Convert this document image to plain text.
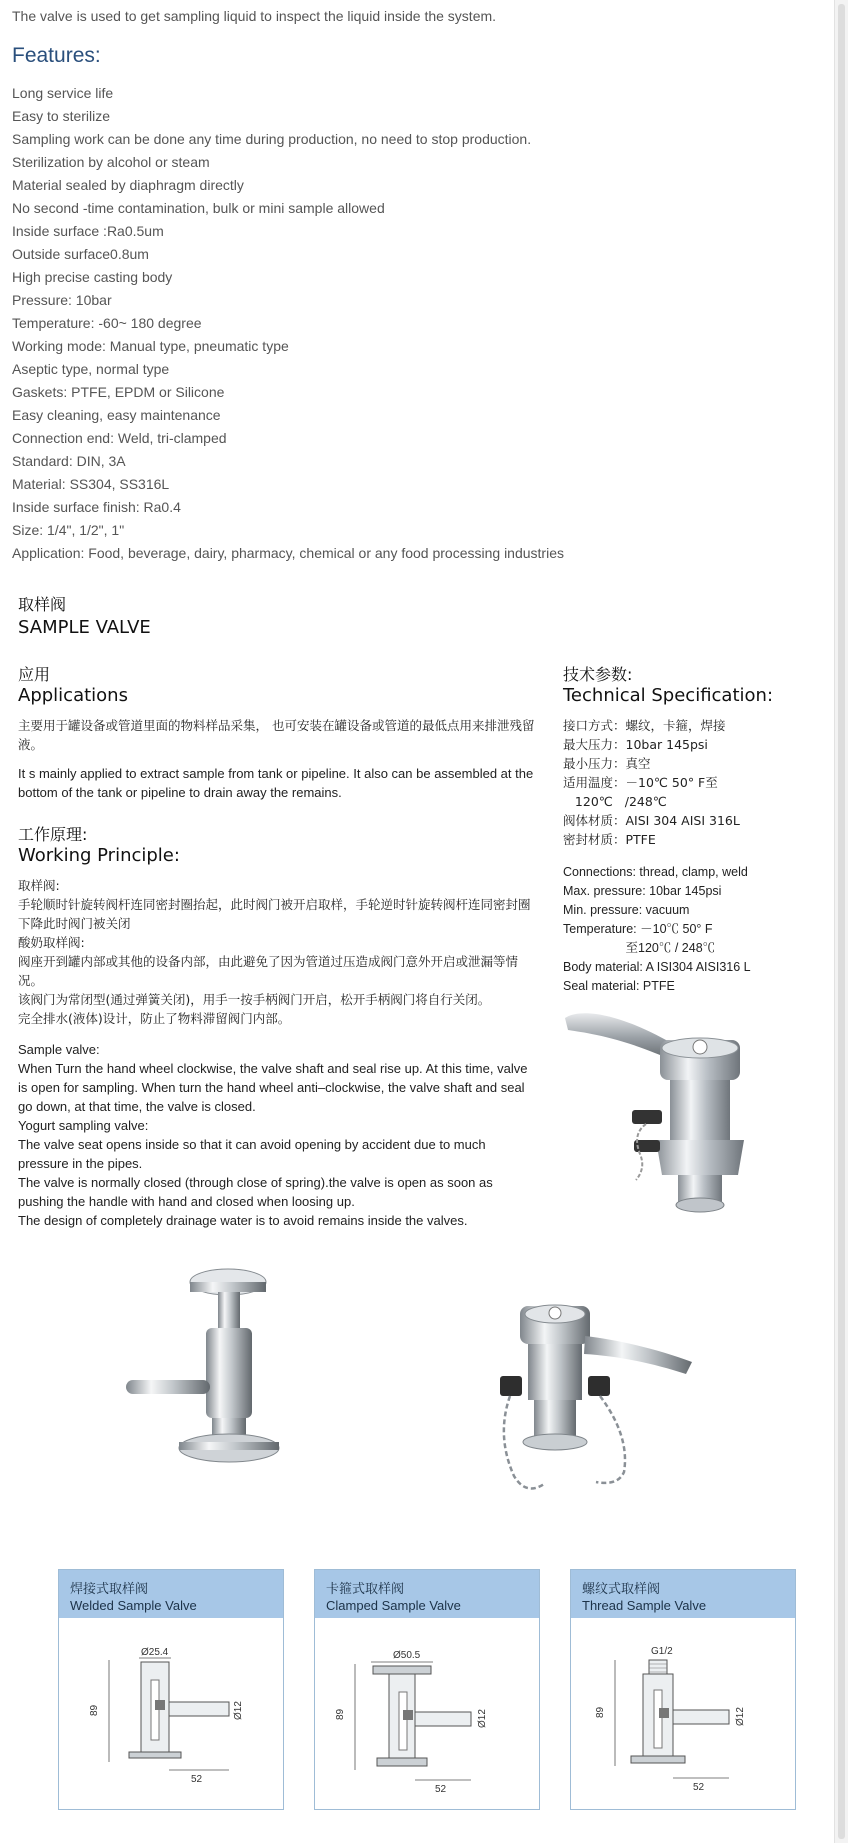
The valve is used to get sampling liquid to inspect the liquid inside the system.

Features:
Long service life
Easy to sterilize
Sampling work can be done any time during production, no need to stop production.
Sterilization by alcohol or steam
Material sealed by diaphragm directly
No second -time contamination, bulk or mini sample allowed
Inside surface :Ra0.5um
Outside surface0.8um
High precise casting body
Pressure: 10bar
Temperature: -60~ 180 degree
Working mode: Manual type, pneumatic type
Aseptic type, normal type
Gaskets: PTFE, EPDM or Silicone
Easy cleaning, easy maintenance
Connection end: Weld, tri-clamped
Standard: DIN, 3A
Material: SS304, SS316L
Inside surface finish: Ra0.4
Size: 1/4", 1/2", 1"
Application: Food, beverage, dairy, pharmacy, chemical or any food processing industries
取样阀
SAMPLE VALVE
应用
Applications
主要用于罐设备或管道里面的物料样品采集， 也可安装在罐设备或管道的最低点用来排泄残留液。
It s mainly applied to extract sample from tank or pipeline. It also can be assembled at the bottom of the tank or pipeline to drain away the remains.
工作原理:
Working Principle:
取样阀:
手轮顺时针旋转阀杆连同密封圈抬起，此时阀门被开启取样，手轮逆时针旋转阀杆连同密封圈下降此时阀门被关闭
酸奶取样阀:
阀座开到罐内部或其他的设备内部，由此避免了因为管道过压造成阀门意外开启或泄漏等情况。
该阀门为常闭型(通过弹簧关闭)，用手一按手柄阀门开启，松开手柄阀门将自行关闭。
完全排水(液体)设计，防止了物料滞留阀门内部。
Sample valve:
When Turn the hand wheel clockwise, the valve shaft and seal rise up. At this time, valve is open for sampling. When turn the hand wheel anti–clockwise, the valve shaft and seal go down, at that time, the valve is closed.
Yogurt sampling valve:
The valve seat opens inside so that it can avoid opening by accident due to much pressure in the pipes.
The valve is normally closed (through close of spring).the valve is open as soon as pushing the handle with hand and closed when loosing up.
The design of completely drainage water is to avoid remains inside the valves.
技术参数:
Technical Specification:
接口方式：螺纹，卡箍，焊接
最大压力：10bar 145psi
最小压力：真空
适用温度：－10℃ 50° F至
120℃   /248℃
阀体材质：AISI 304 AISI 316L
密封材质：PTFE
Connections: thread, clamp, weld
Max. pressure: 10bar 145psi
Min. pressure: vacuum
Temperature: －10℃ 50° F
至120℃ / 248℃
Body material: A ISI304 AISI316 L
Seal material: PTFE
焊接式取样阀
Welded Sample Valve
89
Ø25.4
Ø12
52
卡箍式取样阀
Clamped Sample Valve
89
Ø50.5
Ø12
52
螺纹式取样阀
Thread Sample Valve
89
G1/2
Ø12
52
